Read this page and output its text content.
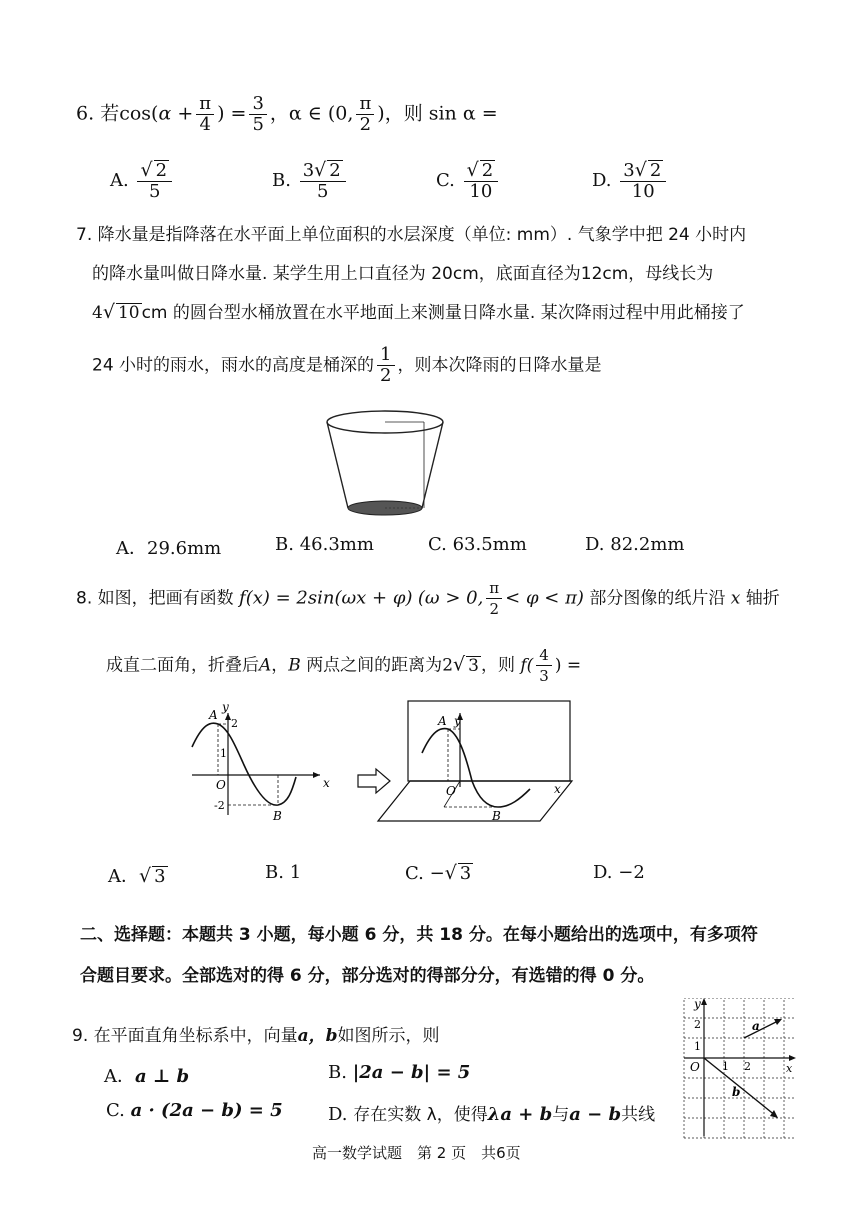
6. 若$\cos(\alpha + \frac{\pi}{4}$ ) = $\frac{3}{5}$ ，α ∈ (0, $\frac{\pi}{2}$ )，则 sin α =
A. $\frac{√ 2}{5}$	B. $\frac{3√ 2}{5}$	C. $\frac{√ 2}{10}$	D. $\frac{3√ 2}{10}$
7. 降水量是指降落在水平面上单位面积的水层深度（单位: mm）. 气象学中把 24 小时内
的降水量叫做日降水量. 某学生用上口直径为 20cm，底面直径为12cm，母线长为
4√ 10 cm 的圆台型水桶放置在水平地面上来测量日降水量. 某次降雨过程中用此桶接了
24 小时的雨水，雨水的高度是桶深的 $\frac{1}{2}$ ，则本次降雨的日降水量是
A．29.6mm	B. 46.3mm	C. 63.5mm	D. 82.2mm
8. 如图，把画有函数 f(x) = 2sin(ωx + φ) (ω > 0, $\frac{\pi}{2} < \varphi < \pi$) 部分图像的纸片沿 x 轴折
成直二面角，折叠后A，B 两点之间的距离为2√ 3 ，则 $f( \frac{4}{3}$ ) =
y
x
O
A
B
2
1
-2
y
x
O
A
B
A．√ 3	B. 1	C. −√ 3	D. −2
二、选择题：本题共 3 小题，每小题 6 分，共 18 分。在每小题给出的选项中，有多项符
合题目要求。全部选对的得 6 分，部分选对的得部分分，有选错的得 0 分。
9. 在平面直角坐标系中，向量a，b如图所示，则
A．a ⊥ b	B. |2a − b| = 5
C. a · (2a − b) = 5	D. 存在实数 λ，使得λa + b与a − b共线
y
x
O
2
1
1 2
a
b
高一数学试题　第 2 页　共6页
